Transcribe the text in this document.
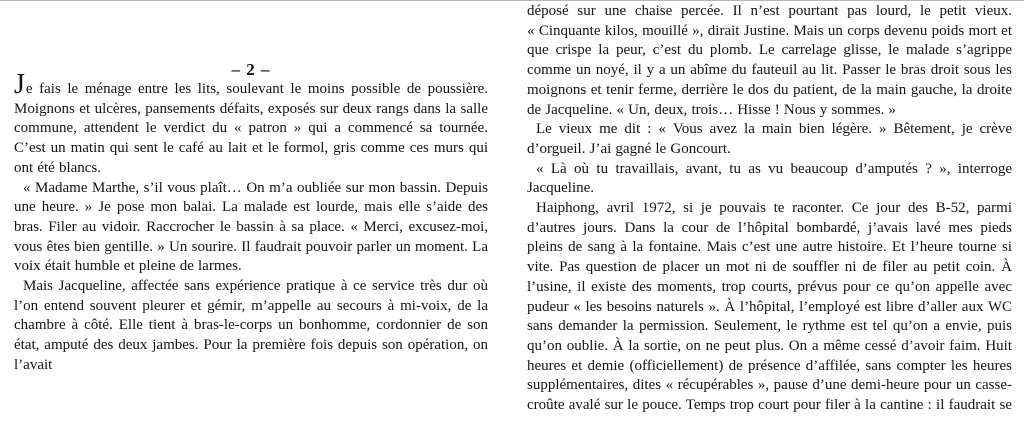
– 2 –

Je fais le ménage entre les lits, soulevant le moins possible de poussière. Moignons et ulcères, pansements défaits, exposés sur deux rangs dans la salle commune, attendent le verdict du « patron » qui a commencé sa tournée. C’est un matin qui sent le café au lait et le formol, gris comme ces murs qui ont été blancs.

« Madame Marthe, s’il vous plaît… On m’a oubliée sur mon bassin. Depuis une heure. » Je pose mon balai. La malade est lourde, mais elle s’aide des bras. Filer au vidoir. Raccrocher le bassin à sa place. « Merci, excusez-moi, vous êtes bien gentille. » Un sourire. Il faudrait pouvoir parler un moment. La voix était humble et pleine de larmes.

Mais Jacqueline, affectée sans expérience pratique à ce service très dur où l’on entend souvent pleurer et gémir, m’appelle au secours à mi-voix, de la chambre à côté. Elle tient à bras-le-corps un bonhomme, cordonnier de son état, amputé des deux jambes. Pour la première fois depuis son opération, on l’avait

déposé sur une chaise percée. Il n’est pourtant pas lourd, le petit vieux. « Cinquante kilos, mouillé », dirait Justine. Mais un corps devenu poids mort et que crispe la peur, c’est du plomb. Le carrelage glisse, le malade s’agrippe comme un noyé, il y a un abîme du fauteuil au lit. Passer le bras droit sous les moignons et tenir ferme, derrière le dos du patient, de la main gauche, la droite de Jacqueline. « Un, deux, trois… Hisse ! Nous y sommes. »

Le vieux me dit : « Vous avez la main bien légère. » Bêtement, je crève d’orgueil. J’ai gagné le Goncourt.

« Là où tu travaillais, avant, tu as vu beaucoup d’amputés ? », interroge Jacqueline.

Haiphong, avril 1972, si je pouvais te raconter. Ce jour des B-52, parmi d’autres jours. Dans la cour de l’hôpital bombardé, j’avais lavé mes pieds pleins de sang à la fontaine. Mais c’est une autre histoire. Et l’heure tourne si vite. Pas question de placer un mot ni de souffler ni de filer au petit coin. À l’usine, il existe des moments, trop courts, prévus pour ce qu’on appelle avec pudeur « les besoins naturels ». À l’hôpital, l’employé est libre d’aller aux WC sans demander la permission. Seulement, le rythme est tel qu’on a envie, puis qu’on oublie. À la sortie, on ne peut plus. On a même cessé d’avoir faim. Huit heures et demie (officiellement) de présence d’affilée, sans compter les heures supplémentaires, dites « récupérables », pause d’une demi-heure pour un casse-croûte avalé sur le pouce. Temps trop court pour filer à la cantine : il faudrait se
